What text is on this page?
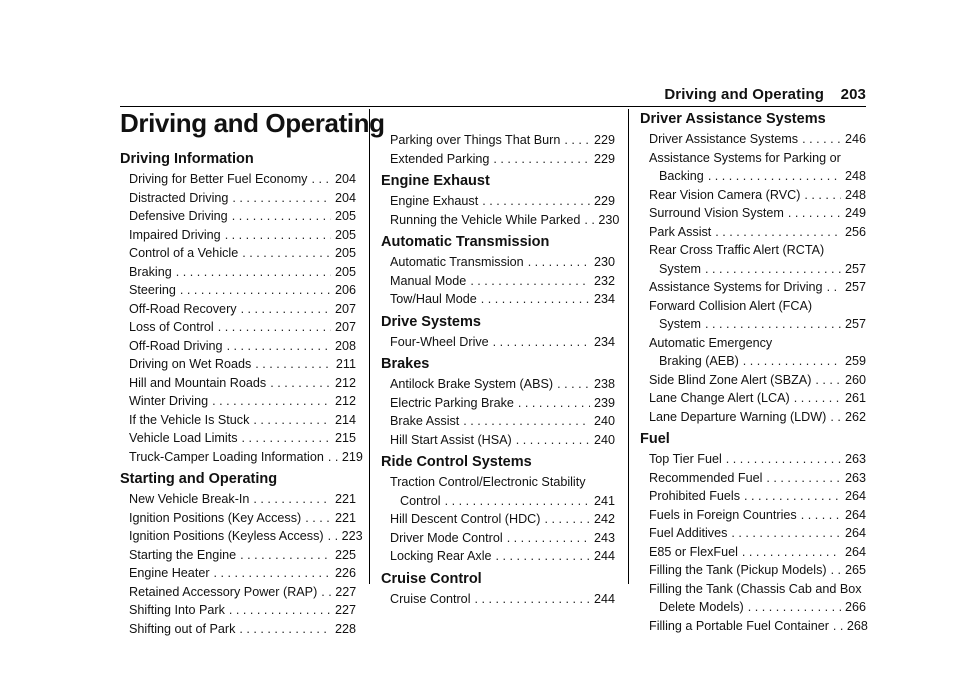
Driving and Operating 203
Driving and Operating
Driving Information
Driving for Better Fuel Economy . . . 204
Distracted Driving . . .	204
Defensive Driving . . .	205
Impaired Driving . . .	205
Control of a Vehicle . . .	205
Braking . . .	205
Steering . . .	206
Off-Road Recovery . . .	207
Loss of Control . . .	207
Off-Road Driving . . .	208
Driving on Wet Roads . . .	211
Hill and Mountain Roads . . .	212
Winter Driving . . .	212
If the Vehicle Is Stuck . . .	214
Vehicle Load Limits . . .	215
Truck-Camper Loading Information . . . 219
Starting and Operating
New Vehicle Break-In . . .	221
Ignition Positions (Key Access) . . .	221
Ignition Positions (Keyless Access) . . . 223
Starting the Engine . . .	225
Engine Heater . . .	226
Retained Accessory Power (RAP) . . . 227
Shifting Into Park . . .	227
Shifting out of Park . . .	228
Parking over Things That Burn . . .	229
Extended Parking . . .	229
Engine Exhaust
Engine Exhaust . . .	229
Running the Vehicle While Parked . . . 230
Automatic Transmission
Automatic Transmission . . .	230
Manual Mode . . .	232
Tow/Haul Mode . . .	234
Drive Systems
Four-Wheel Drive . . .	234
Brakes
Antilock Brake System (ABS) . . .	238
Electric Parking Brake . . .	239
Brake Assist . . .	240
Hill Start Assist (HSA) . . .	240
Ride Control Systems
Traction Control/Electronic Stability
Control . . .	241
Hill Descent Control (HDC) . . .	242
Driver Mode Control . . .	243
Locking Rear Axle . . .	244
Cruise Control
Cruise Control . . .	244
Driver Assistance Systems
Driver Assistance Systems . . .	246
Assistance Systems for Parking or
Backing . . .	248
Rear Vision Camera (RVC) . . .	248
Surround Vision System . . .	249
Park Assist . . .	256
Rear Cross Traffic Alert (RCTA)
System . . .	257
Assistance Systems for Driving . . . 257
Forward Collision Alert (FCA)
System . . .	257
Automatic Emergency
Braking (AEB) . . .	259
Side Blind Zone Alert (SBZA) . . .	260
Lane Change Alert (LCA) . . .	261
Lane Departure Warning (LDW) . . . 262
Fuel
Top Tier Fuel . . .	263
Recommended Fuel . . .	263
Prohibited Fuels . . .	264
Fuels in Foreign Countries . . .	264
Fuel Additives . . .	264
E85 or FlexFuel . . .	264
Filling the Tank (Pickup Models) . . . 265
Filling the Tank (Chassis Cab and Box
Delete Models) . . .	266
Filling a Portable Fuel Container . . . 268
